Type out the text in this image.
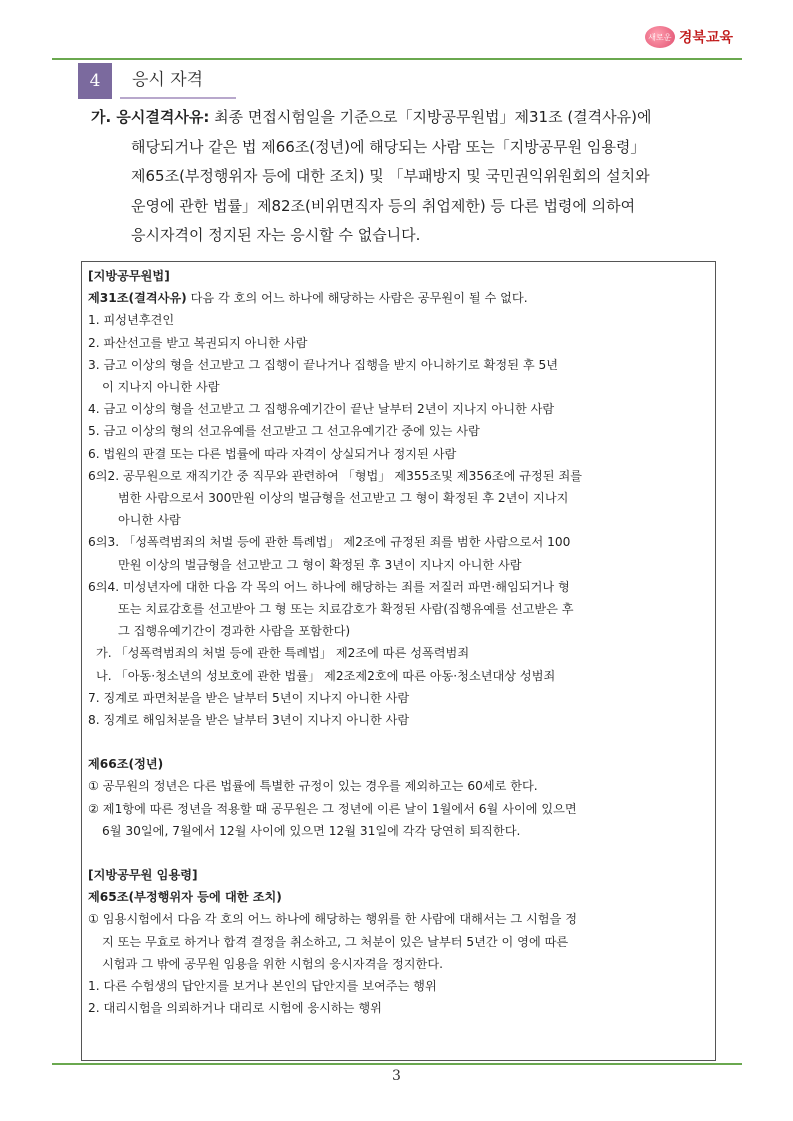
새로운 경북교육
4	응시 자격
가. 응시결격사유: 최종 면접시험일을 기준으로「지방공무원법」제31조 (결격사유)에
해당되거나 같은 법 제66조(정년)에 해당되는 사람 또는「지방공무원 임용령」
제65조(부정행위자 등에 대한 조치) 및 「부패방지 및 국민권익위원회의 설치와
운영에 관한 법률」제82조(비위면직자 등의 취업제한) 등 다른 법령에 의하여
응시자격이 정지된 자는 응시할 수 없습니다.

[지방공무원법]

제31조(결격사유) 다음 각 호의 어느 하나에 해당하는 사람은 공무원이 될 수 없다.

1. 피성년후견인

2. 파산선고를 받고 복권되지 아니한 사람

3. 금고 이상의 형을 선고받고 그 집행이 끝나거나 집행을 받지 아니하기로 확정된 후 5년

이 지나지 아니한 사람

4. 금고 이상의 형을 선고받고 그 집행유예기간이 끝난 날부터 2년이 지나지 아니한 사람

5. 금고 이상의 형의 선고유예를 선고받고 그 선고유예기간 중에 있는 사람

6. 법원의 판결 또는 다른 법률에 따라 자격이 상실되거나 정지된 사람

6의2. 공무원으로 재직기간 중 직무와 관련하여 「형법」 제355조및 제356조에 규정된 죄를

범한 사람으로서 300만원 이상의 벌금형을 선고받고 그 형이 확정된 후 2년이 지나지

아니한 사람

6의3. 「성폭력범죄의 처벌 등에 관한 특례법」 제2조에 규정된 죄를 범한 사람으로서 100

만원 이상의 벌금형을 선고받고 그 형이 확정된 후 3년이 지나지 아니한 사람

6의4. 미성년자에 대한 다음 각 목의 어느 하나에 해당하는 죄를 저질러 파면·해임되거나 형

또는 치료감호를 선고받아 그 형 또는 치료감호가 확정된 사람(집행유예를 선고받은 후

그 집행유예기간이 경과한 사람을 포함한다)

가. 「성폭력범죄의 처벌 등에 관한 특례법」 제2조에 따른 성폭력범죄

나. 「아동·청소년의 성보호에 관한 법률」 제2조제2호에 따른 아동·청소년대상 성범죄

7. 징계로 파면처분을 받은 날부터 5년이 지나지 아니한 사람

8. 징계로 해임처분을 받은 날부터 3년이 지나지 아니한 사람

제66조(정년)

① 공무원의 정년은 다른 법률에 특별한 규정이 있는 경우를 제외하고는 60세로 한다.

② 제1항에 따른 정년을 적용할 때 공무원은 그 정년에 이른 날이 1월에서 6월 사이에 있으면

6월 30일에, 7월에서 12월 사이에 있으면 12월 31일에 각각 당연히 퇴직한다.

[지방공무원 임용령]

제65조(부정행위자 등에 대한 조치)

① 임용시험에서 다음 각 호의 어느 하나에 해당하는 행위를 한 사람에 대해서는 그 시험을 정

지 또는 무효로 하거나 합격 결정을 취소하고, 그 처분이 있은 날부터 5년간 이 영에 따른

시험과 그 밖에 공무원 임용을 위한 시험의 응시자격을 정지한다.

1. 다른 수험생의 답안지를 보거나 본인의 답안지를 보여주는 행위

2. 대리시험을 의뢰하거나 대리로 시험에 응시하는 행위

3
